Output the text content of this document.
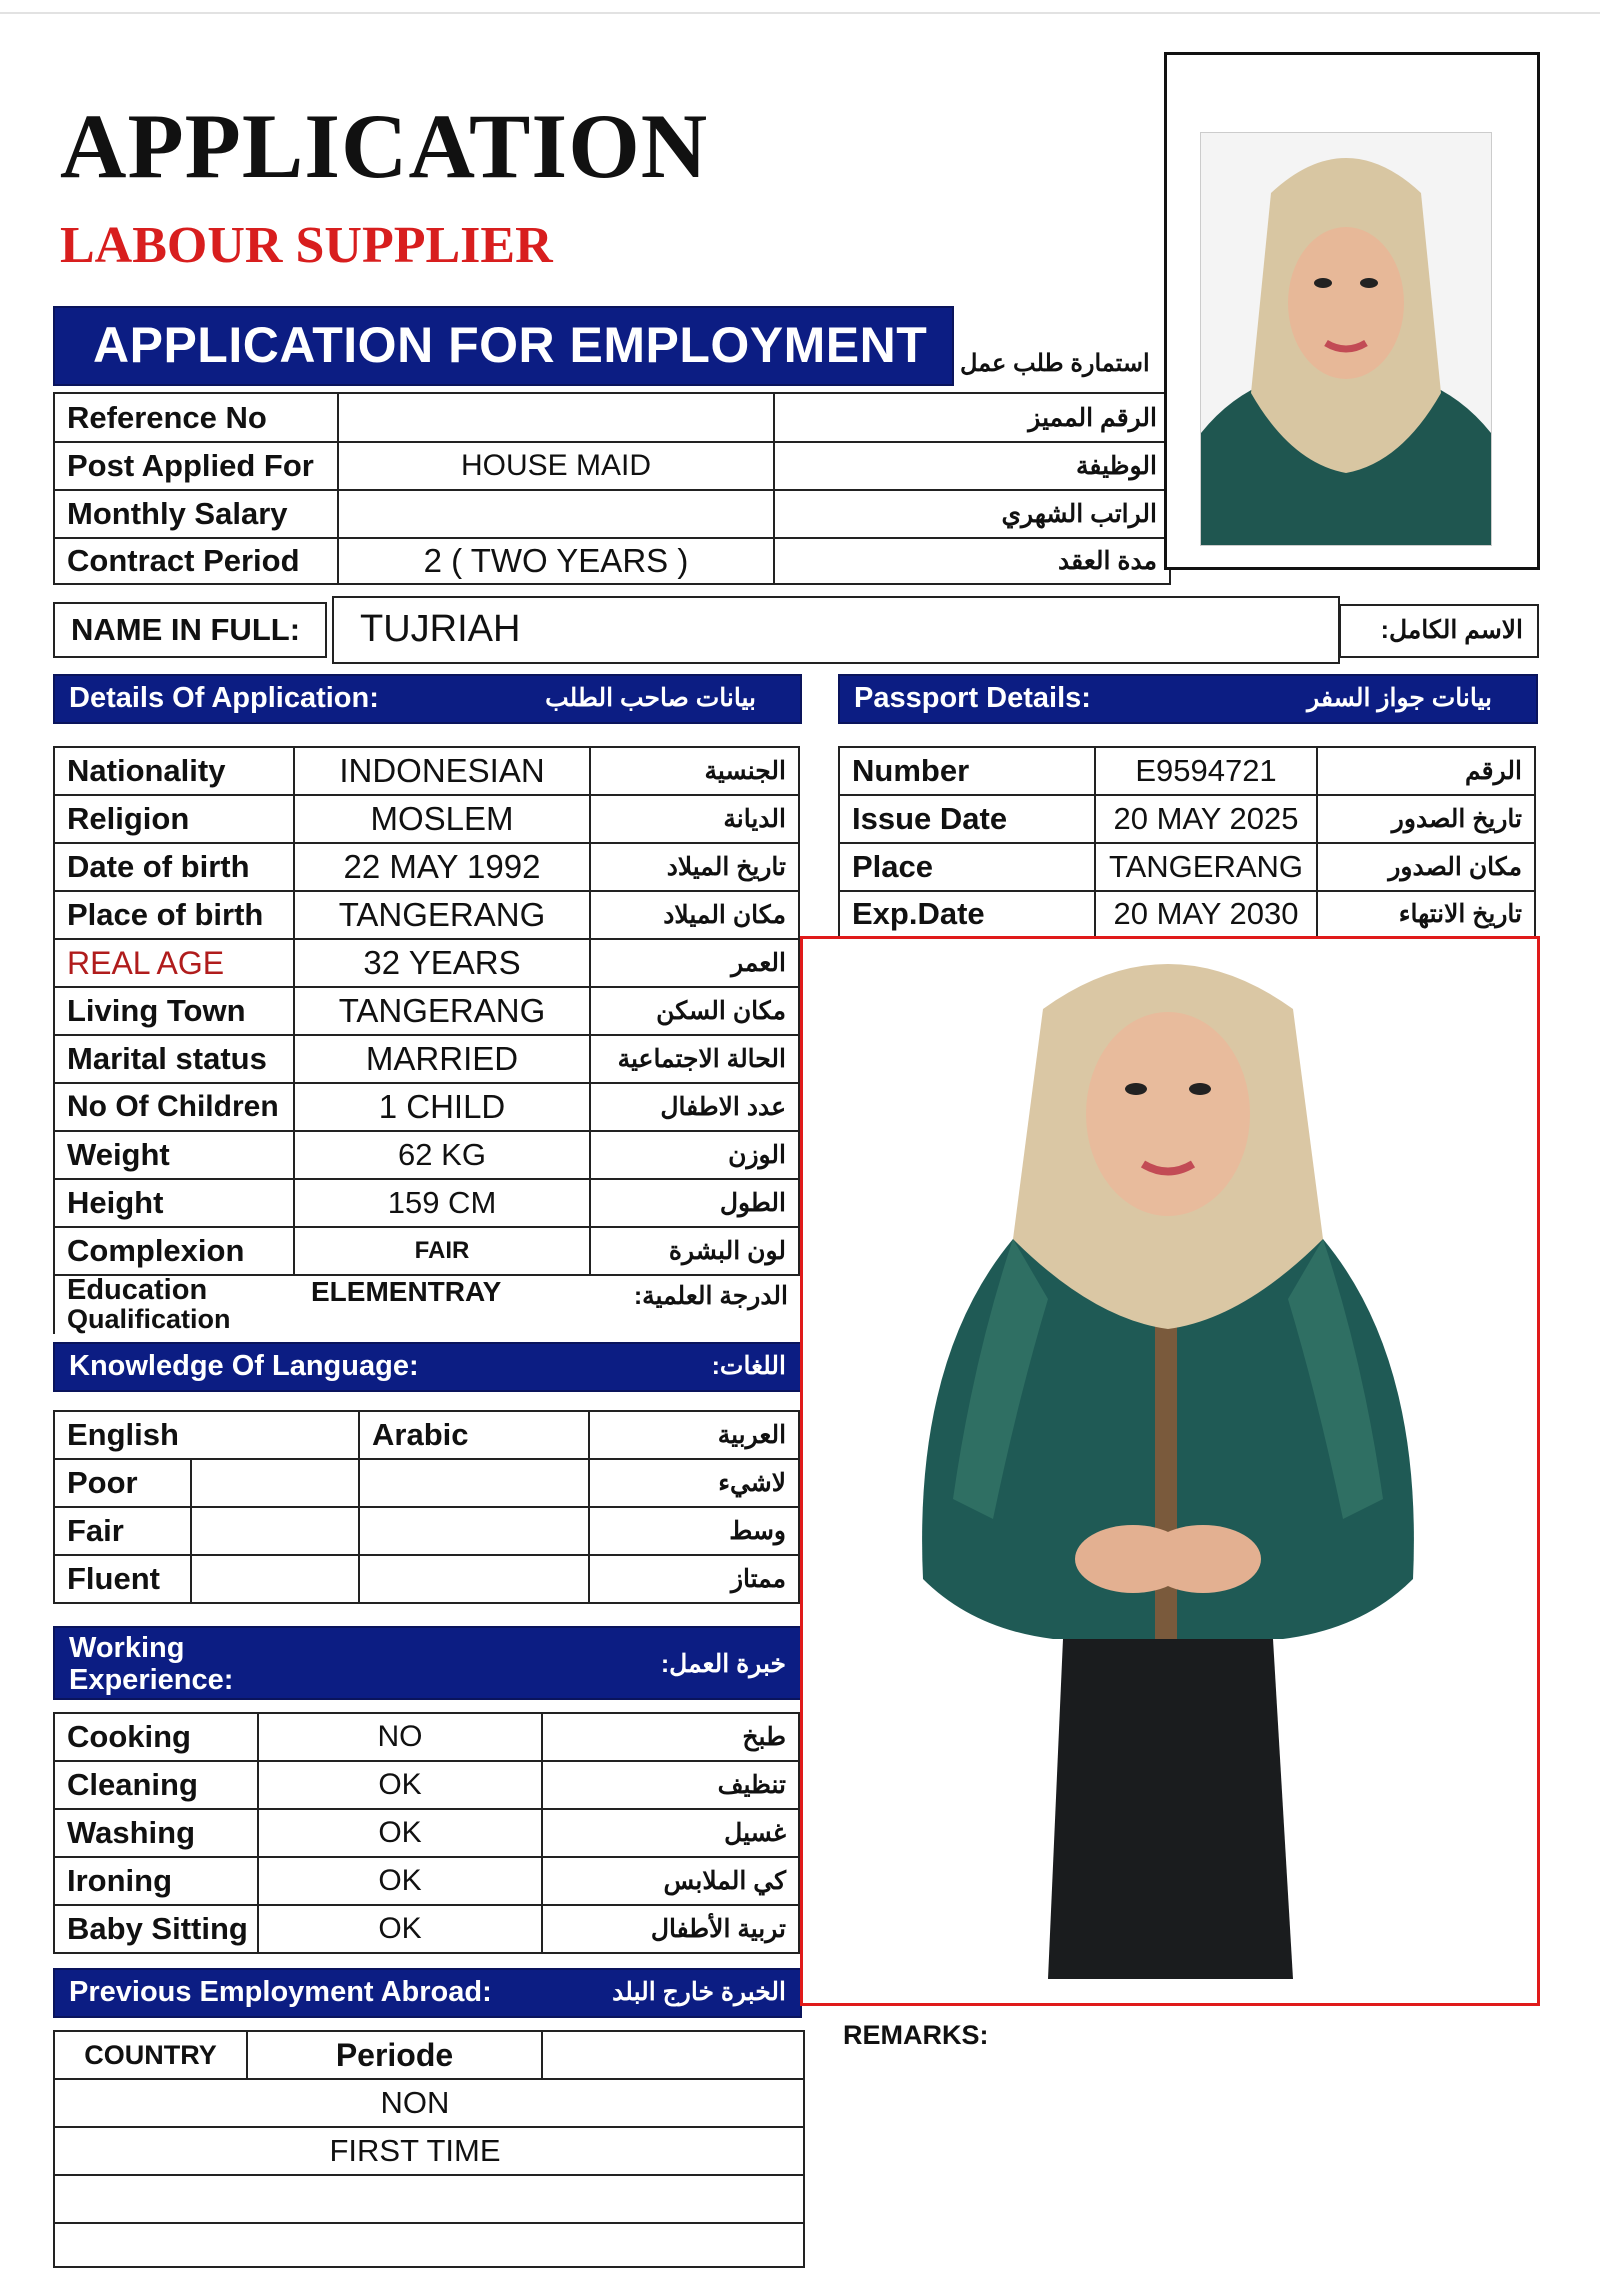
APPLICATION
LABOUR SUPPLIER
APPLICATION FOR EMPLOYMENT استمارة طلب عمل
Reference No		الرقم المميز
Post Applied For	HOUSE MAID	الوظيفة
Monthly Salary		الراتب الشهري
Contract Period	2 ( TWO YEARS )	مدة العقد
NAME IN FULL: TUJRIAH	الاسم الكامل:
Details Of Application:	بيانات صاحب الطلب	Passport Details:	بيانات جواز السفر
Nationality	INDONESIAN	الجنسية
Religion	MOSLEM	الديانة
Date of birth	22 MAY 1992	تاريخ الميلاد
Place of birth	TANGERANG	مكان الميلاد
REAL AGE	32 YEARS	العمر
Living Town	TANGERANG	مكان السكن
Marital status	MARRIED	الحالة الاجتماعية
No Of Children	1 CHILD	عدد الاطفال
Weight	62 KG	الوزن
Height	159 CM	الطول
Complexion	FAIR	لون البشرة
Education
Qualification
ELEMENTRAY	الدرجة العلمية:
Number	E9594721	الرقم
Issue Date	20 MAY 2025	تاريخ الصدور
Place	TANGERANG	مكان الصدور
Exp.Date	20 MAY 2030	تاريخ الانتهاء
Knowledge Of Language:	اللغات:
English		Arabic	العربية
Poor			لاشيء
Fair			وسط
Fluent			ممتاز
Working
Experience:	خبرة العمل:
Cooking	NO	طبخ
Cleaning	OK	تنظيف
Washing	OK	غسيل
Ironing	OK	كي الملابس
Baby Sitting	OK	تربية الأطفال
Previous Employment Abroad:	الخبرة خارج البلد
COUNTRY	Periode	
NON
FIRST TIME

REMARKS:
